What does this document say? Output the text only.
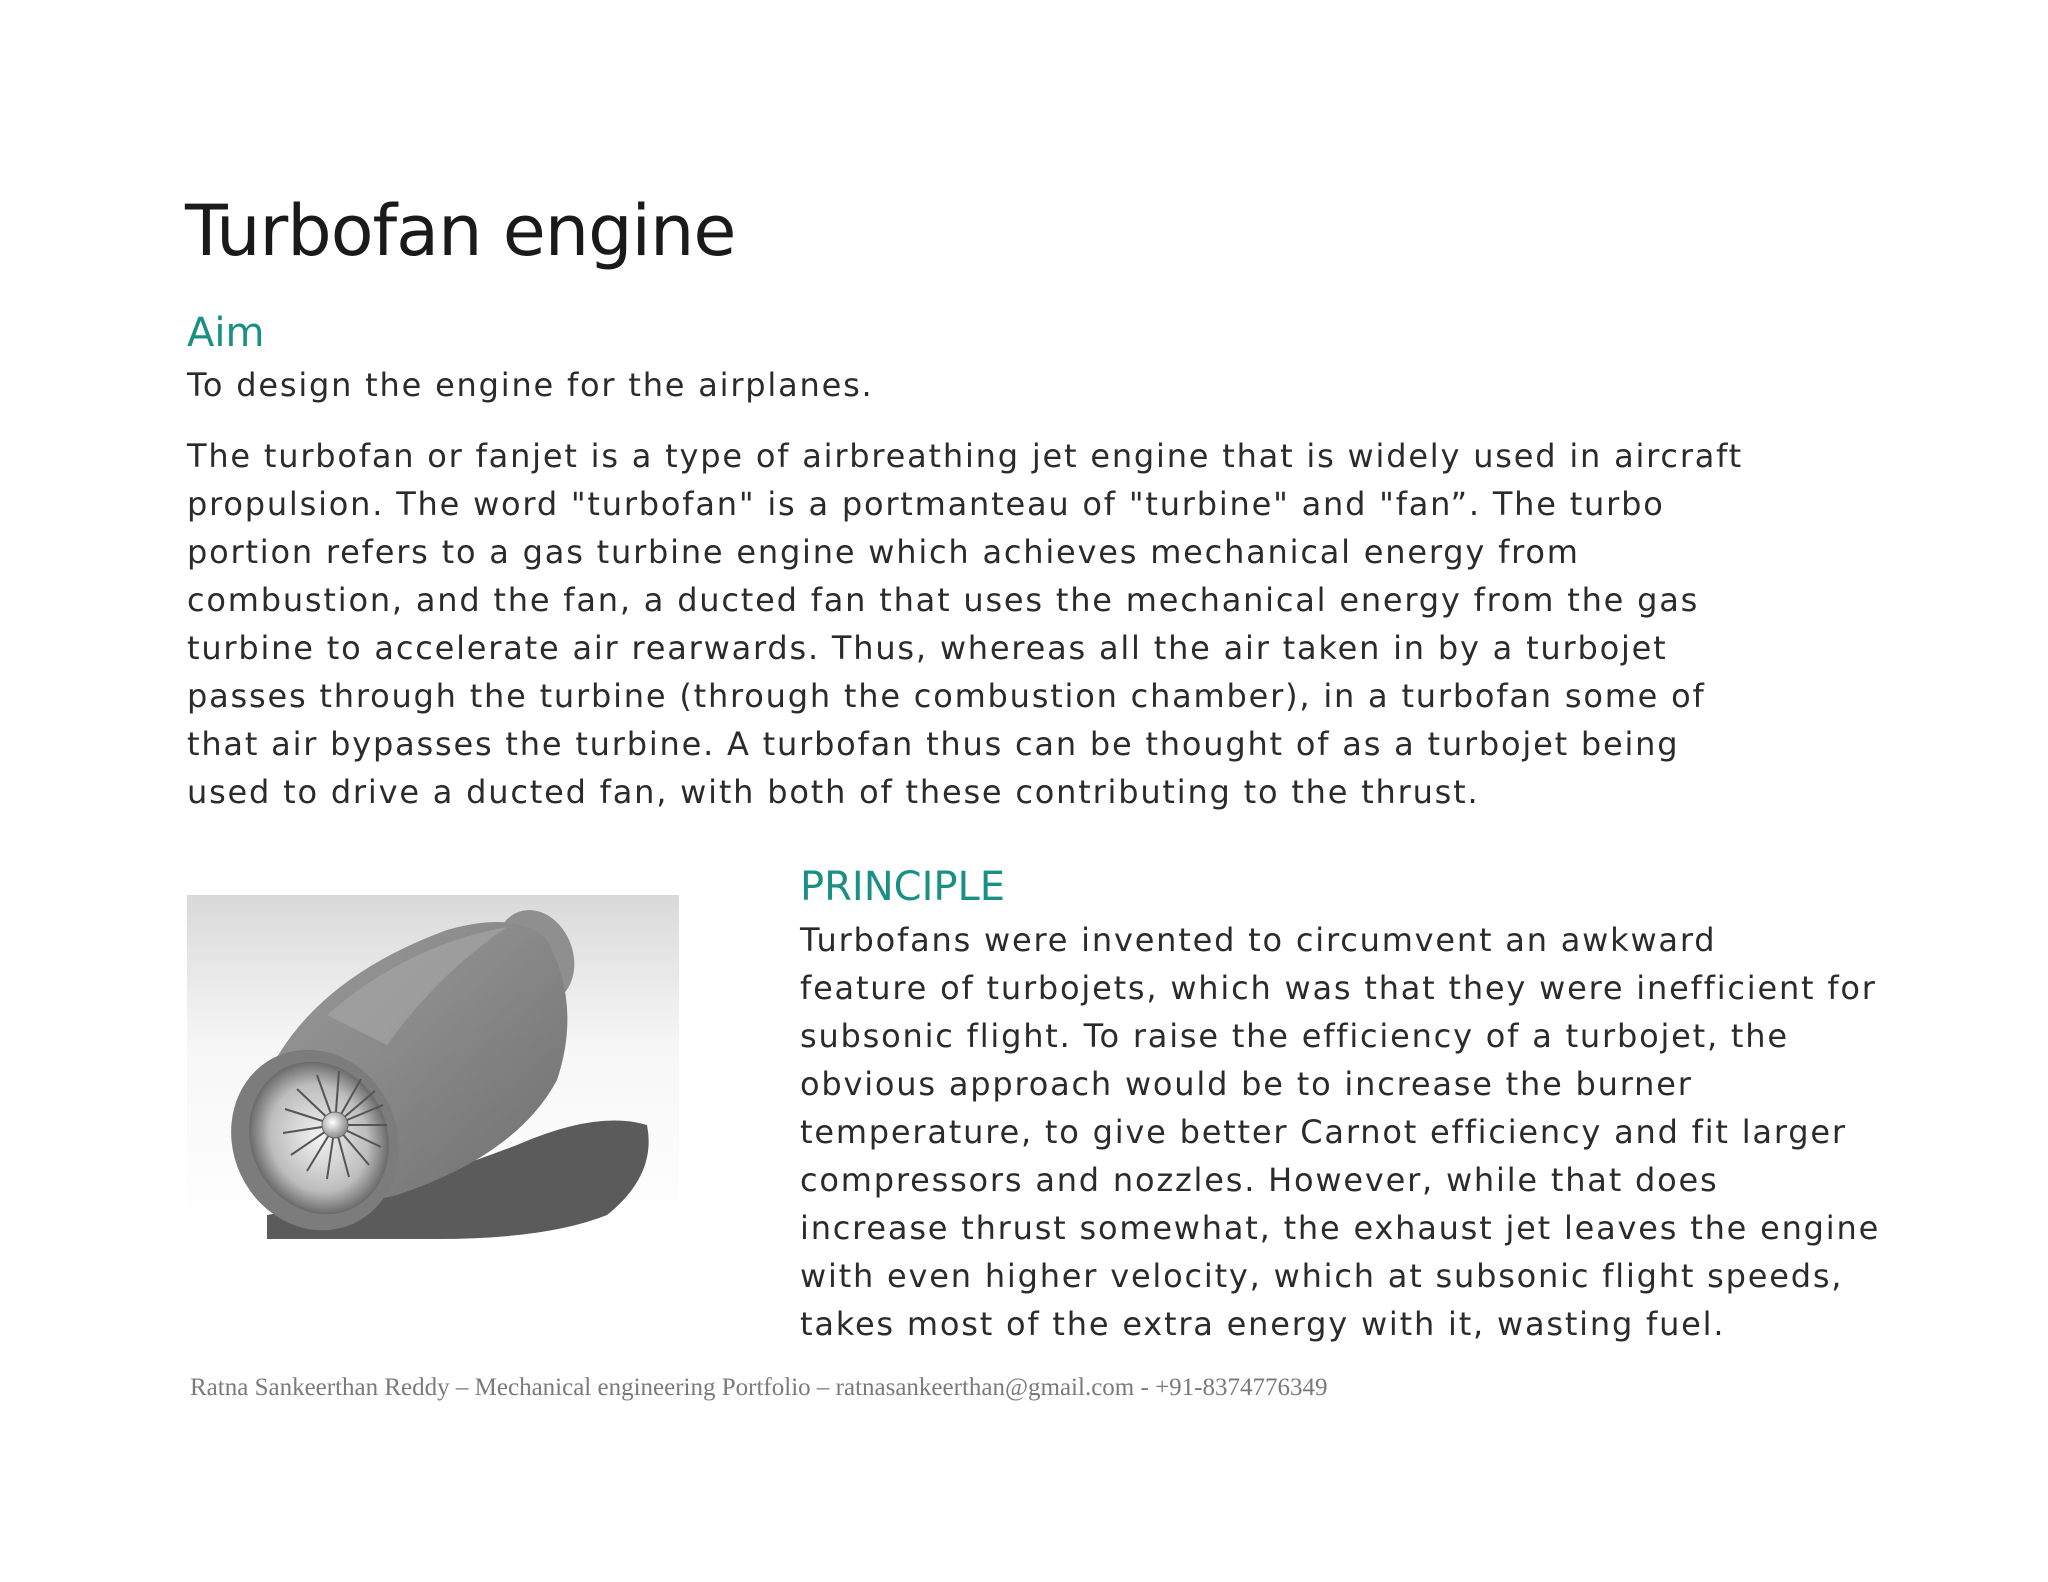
Turbofan engine
Aim

To design the engine for the airplanes.

The turbofan or fanjet is a type of airbreathing jet engine that is widely used in aircraft
propulsion. The word "turbofan" is a portmanteau of "turbine" and "fan”. The turbo
portion refers to a gas turbine engine which achieves mechanical energy from
combustion, and the fan, a ducted fan that uses the mechanical energy from the gas
turbine to accelerate air rearwards. Thus, whereas all the air taken in by a turbojet
passes through the turbine (through the combustion chamber), in a turbofan some of
that air bypasses the turbine. A turbofan thus can be thought of as a turbojet being
used to drive a ducted fan, with both of these contributing to the thrust.

PRINCIPLE

Turbofans were invented to circumvent an awkward
feature of turbojets, which was that they were inefficient for
subsonic flight. To raise the efficiency of a turbojet, the
obvious approach would be to increase the burner
temperature, to give better Carnot efficiency and fit larger
compressors and nozzles. However, while that does
increase thrust somewhat, the exhaust jet leaves the engine
with even higher velocity, which at subsonic flight speeds,
takes most of the extra energy with it, wasting fuel.

Ratna Sankeerthan Reddy – Mechanical engineering Portfolio – ratnasankeerthan@gmail.com - +91-8374776349
